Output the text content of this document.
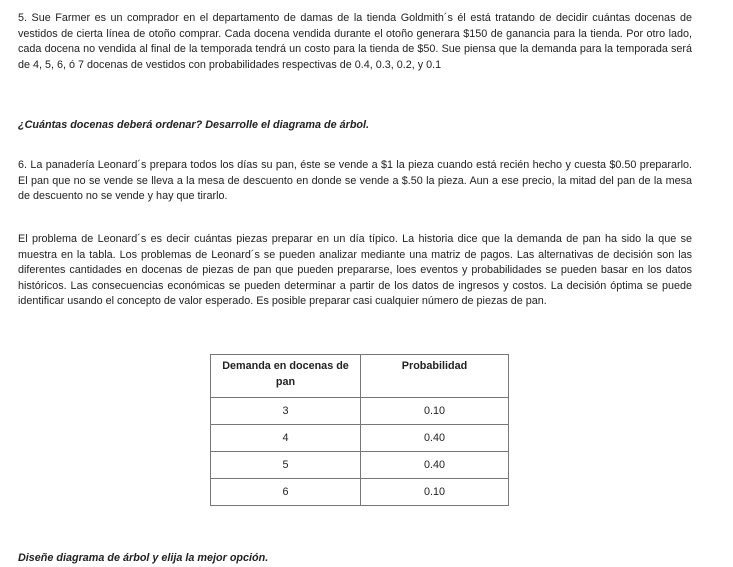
5. Sue Farmer es un comprador en el departamento de damas de la tienda Goldmith´s él está tratando de decidir cuántas docenas de vestidos de cierta línea de otoño comprar. Cada docena vendida durante el otoño generara $150 de ganancia para la tienda. Por otro lado, cada docena no vendida al final de la temporada tendrá un costo para la tienda de $50. Sue piensa que la demanda para la temporada será de 4, 5, 6, ó 7 docenas de vestidos con probabilidades respectivas de 0.4, 0.3, 0.2, y 0.1

¿Cuántas docenas deberá ordenar? Desarrolle el diagrama de árbol.

6. La panadería Leonard´s prepara todos los días su pan, éste se vende a $1 la pieza cuando está recién hecho y cuesta $0.50 prepararlo. El pan que no se vende se lleva a la mesa de descuento en donde se vende a $.50 la pieza. Aun a ese precio, la mitad del pan de la mesa de descuento no se vende y hay que tirarlo.

El problema de Leonard´s es decir cuántas piezas preparar en un día típico. La historia dice que la demanda de pan ha sido la que se muestra en la tabla. Los problemas de Leonard´s se pueden analizar mediante una matriz de pagos. Las alternativas de decisión son las diferentes cantidades en docenas de piezas de pan que pueden prepararse, loes eventos y probabilidades se pueden basar en los datos históricos. Las consecuencias económicas se pueden determinar a partir de los datos de ingresos y costos. La decisión óptima se puede identificar usando el concepto de valor esperado. Es posible preparar casi cualquier número de piezas de pan.

Demanda en docenas de pan	Probabilidad
3	0.10
4	0.40
5	0.40
6	0.10

Diseñe diagrama de árbol y elija la mejor opción.
